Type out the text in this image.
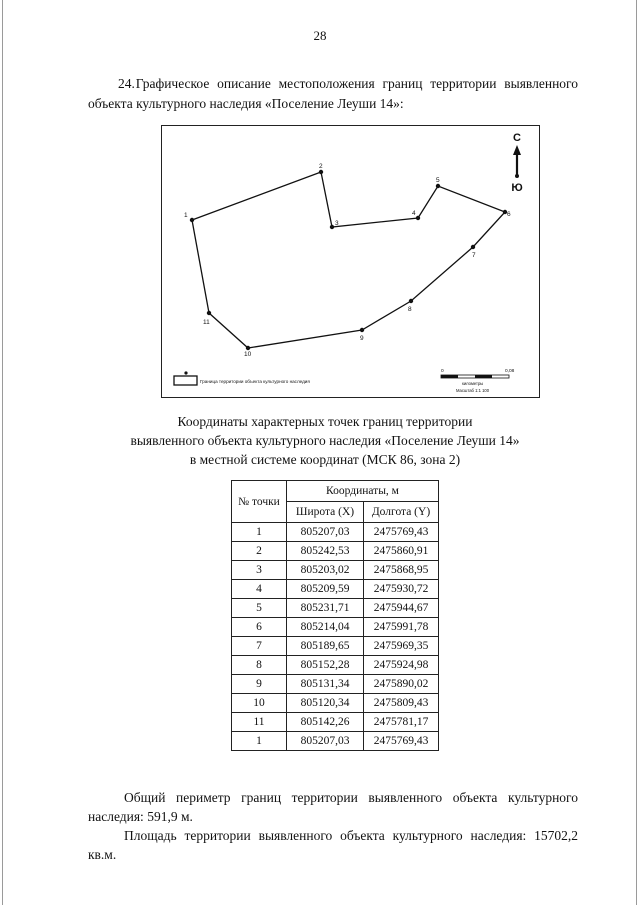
28
24. Графическое описание местоположения границ территории выявленного объекта культурного наследия «Поселение Леуши 14»:
1
2
3
4
5
6
7
8
9
10
11
С
Ю
Граница территории объекта культурного наследия
0	0,08
километры
Масштаб 1:1 100
Координаты характерных точек границ территории
выявленного объекта культурного наследия «Поселение Леуши 14»
в местной системе координат (МСК 86, зона 2)
№ точки	Координаты, м	
	Широта (X)	Долгота (Y)
1	805207,03	2475769,43
2	805242,53	2475860,91
3	805203,02	2475868,95
4	805209,59	2475930,72
5	805231,71	2475944,67
6	805214,04	2475991,78
7	805189,65	2475969,35
8	805152,28	2475924,98
9	805131,34	2475890,02
10	805120,34	2475809,43
11	805142,26	2475781,17
1	805207,03	2475769,43

Общий периметр границ территории выявленного объекта культурного наследия: 591,9 м.

Площадь территории выявленного объекта культурного наследия: 15702,2 кв.м.
